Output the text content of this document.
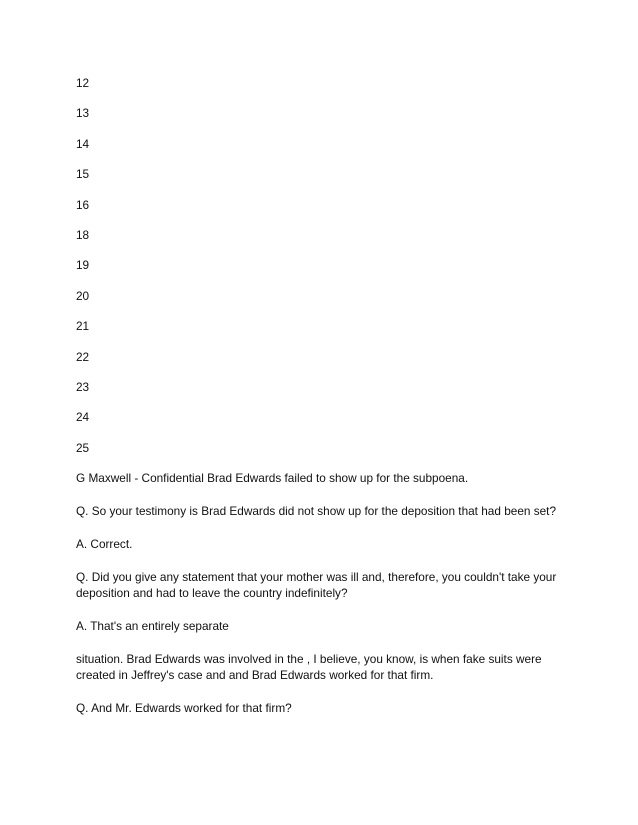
12
13
14
15
16
18
19
20
21
22
23
24
25

G Maxwell - Confidential Brad Edwards failed to show up for the subpoena.

Q. So your testimony is Brad Edwards did not show up for the deposition that had been set?

A. Correct.

Q. Did you give any statement that your mother was ill and, therefore, you couldn't take your deposition and had to leave the country indefinitely?

A. That's an entirely separate

situation. Brad Edwards was involved in the , I believe, you know, is when fake suits were created in Jeffrey's case and and Brad Edwards worked for that firm.

Q. And Mr. Edwards worked for that firm?
